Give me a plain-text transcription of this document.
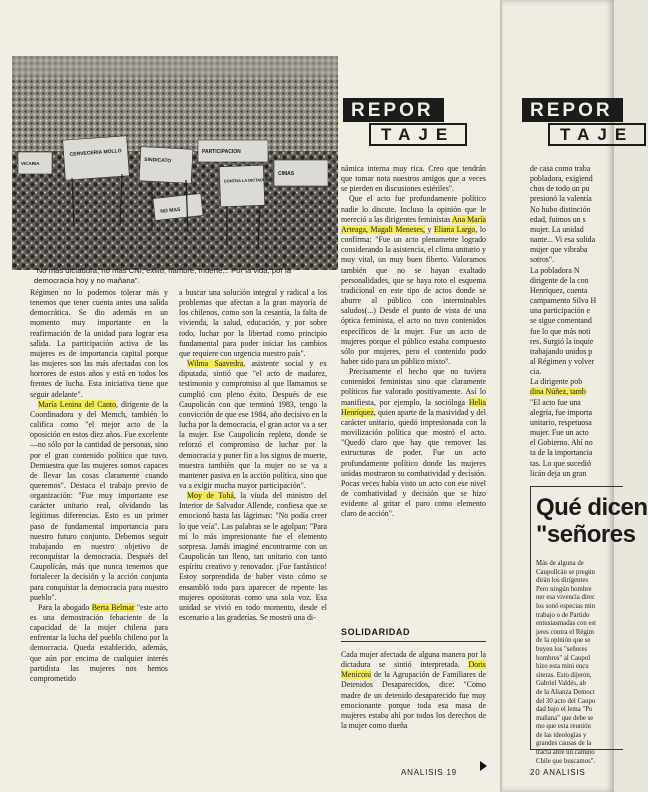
CERVECERIA MOLLO
SINDICATO
PARTICIPACION
CONTRA LA DICTADURA
CIMAS
VICARIA
NO MAS
"No más dictadura, no más CNI, exilio, hambre, muerte... Por la vida, por la democracia hoy y no mañana".
REPOR
TAJE

Régimen no lo podemos tolerar más y tenemos que tener cuenta antes una salida democrática. Se dio además en un momento muy importante en la reafirmación de la unidad para lograr esa salida. La participación activa de las mujeres es de importancia capital porque las mujeres son las más afectadas con los horrores de estos años y está en todos los frentes de lucha. Esta iniciativa tiene que seguir adelante".

María Lenina del Canto, dirigente de la Coordinadora y del Memch, también lo califica como "el mejor acto de la oposición en estos diez años. Fue excelente —no sólo por la cantidad de personas, sino por el gran contenido político que tuvo. Demuestra que las mujeres somos capaces de llevar las cosas claramente cuando queremos". Destaca el trabajo previo de organización: "Fue muy importante ese carácter unitario real, olvidando las legítimas diferencias. Esto es un primer paso de fundamental importancia para nuestro futuro conjunto. Debemos seguir trabajando en nuestro objetivo de reconquistar la democracia. Después del Caupolicán, más que nunca tenemos que fortalecer la decisión y la acción conjunta para conquistar la democracia para nuestro pueblo".

Para la abogado Berta Belmar "este acto es una demostración fehaciente de la capacidad de la mujer chilena para enfrentar la lucha del pueblo chileno por la democracia. Queda establecido, además, que aún por encima de cualquier interés partidista las mujeres nos hemos comprometido

a buscar una solución integral y radical a los problemas que afectan a la gran mayoría de los chilenos, como son la cesantía, la falta de vivienda, la salud, educación, y por sobre todo, luchar por la libertad como principio fundamental para poder iniciar los cambios que requiere con urgencia nuestro país".

Wilma Saavedra, asistente social y ex diputada, sintió que "el acto de madurez, testimonio y compromiso al que llamamos se cumplió con pleno éxito. Después de ese Caupolicán con que terminó 1983, tengo la convicción de que ese 1984, año decisivo en la lucha por la democracia, el gran actor va a ser la mujer. Ese Caupolicán repleto, donde se reforzó el compromiso de luchar por la democracia y poner fin a los signos de muerte, muestra también que la mujer no se va a mantener pasiva en la acción política, sino que va a exigir mucha mayor participación".

Moy de Tohá, la viuda del ministro del Interior de Salvador Allende, confiesa que se emocionó hasta las lágrimas: "No podía creer lo que veía". Las palabras se le agolpan: "Para mí lo más impresionante fue el elemento sorpresa. Jamás imaginé encontrarme con un Caupolicán tan lleno, tan unitario con tanto espíritu creativo y renovador. ¡Fue fantástico! Estoy sorprendida de haber visto cómo se ensambló todo para aparecer de repente las mujeres opositoras como una sola voz. Esa unidad se vivió en todo momento, desde el escenario a las graderías. Se mostró una di-

námica interna muy rica. Creo que tendrán que tomar nota nuestros amigos que a veces se pierden en discusiones estériles".

Que el acto fue profundamente político nadie lo discute. Incluso la opinión que le mereció a las dirigentes feministas Ana María Arteaga, Magali Meneses, y Eliana Largo, lo confirma: "Fue un acto plenamente logrado considerando la asistencia, el clima unitario y muy vital, un muy buen fiberto. Valoramos también que no se hayan exaltado personalidades, que se haya roto el esquema tradicional en este tipo de actos donde se aburre al público con interminables saludos(...) Desde el punto de vista de una óptica feminista, el acto no tuvo contenidos específicos de la mujer. Fue un acto de mujeres porque el público estaba compuesto sólo por mujeres, pero el contenido pudo haber sido para un público mixto".

Precisamente el hecho que no tuviera contenidos feministas sino que claramente políticos fue valorado positivamente. Así lo manifiesta, por ejemplo, la socióloga Helia Henríquez, quien aparte de la masividad y del carácter unitario, quedó impresionada con la movilización política que mostró el acto. "Quedó claro que hay que remover las estructuras de poder. Fue un acto profundamente político donde las mujeres unidas mostraron su combatividad y decisión. Pocas veces había visto un acto con ese nivel de combatividad y decisión que se hizo evidente al gritar el paro como elemento claro de acción".

SOLIDARIDAD

Cada mujer afectada de alguna manera por la dictadura se sintió interpretada. Doris Meniconi de la Agrupación de Familiares de Detenidos Desaparecidos, dice: "Como madre de un detenido desaparecido fue muy emocionante porque toda esa masa de mujeres estaba ahí por todos los derechos de la mujer como dueña

ANALISIS 19
REPOR
TAJE

de casa como traba

pobladora, exigiend

chos de todo un pu

presionó la valentía

No hubo distinción

edad, fuimos un s

mujer. La unidad

nante... Vi esa solida

mujer que vibraba

sotros".

La pobladora N

dirigente de la con

Henríquez, cuenta

campamento Silva H

una participación e

se sigue comentand

fue lo que más noti

res. Surgió la inquie

trabajando unidos p

al Régimen y volver

cia.

La dirigente pob

dina Núñez, tamb

"El acto fue una

alegría, fue importa

unitario, respetuosa

mujer. Fue un acto

el Gobierno. Ahí no

ta de la importancia

tas. Lo que sucedió

licán deja un gran

Qué dicen
"señores

Más de alguna de

Caupolicán se pregun

dirán los dirigentes

Pero ningún hombre

ner esa vivencia direc

los sonó especias min

trabajo o de Partido

entusiasmadas con est

jeres contra el Régim

de la opinión que se

buyen los "señores

hombres" al Caupol

hizo esta mini encu

siteras. Esto dijeron,

Gabriel Valdés, ab

de la Alianza Democr

del 30 acto del Caupo

dad bajo el lema "Po

mañana" que debe se

mo que esta reunión

de las ideologías y

grandes causas de la

tracta abre un camino

Chile que buscamos".

20 ANALISIS
